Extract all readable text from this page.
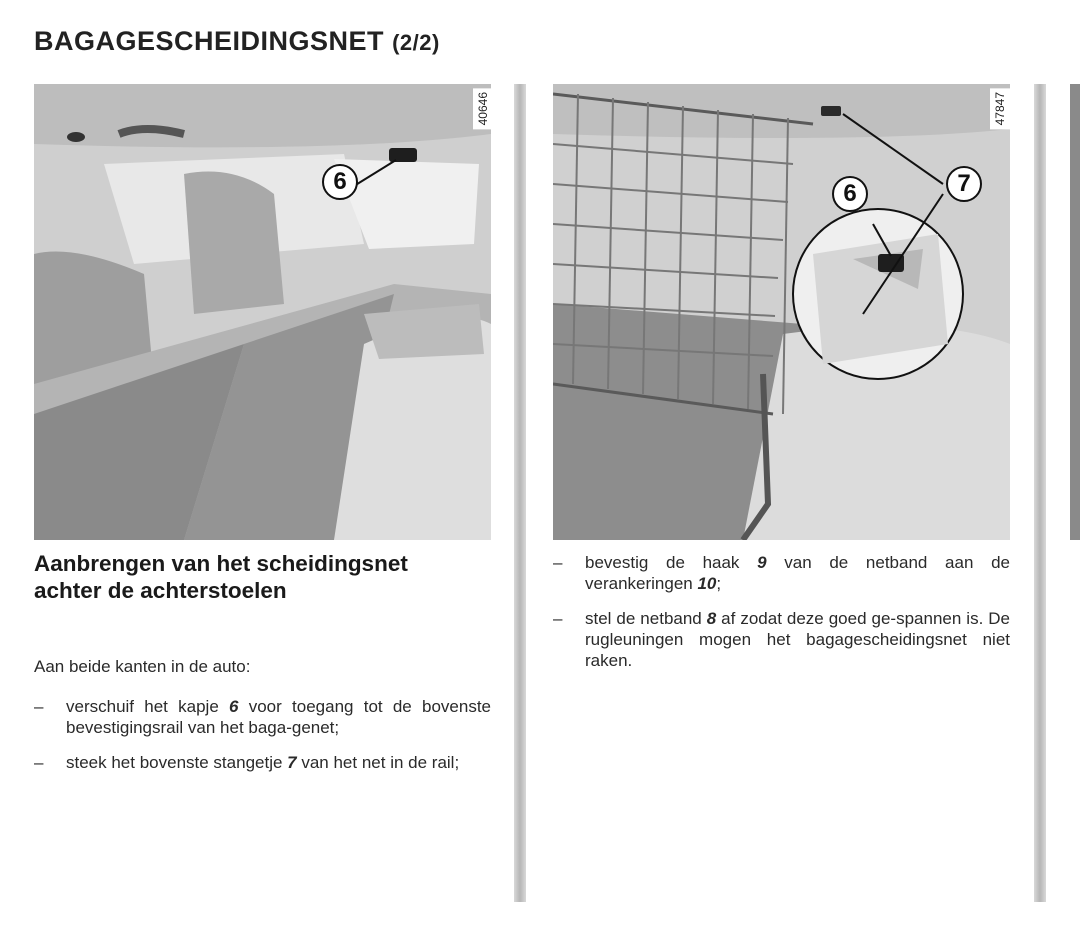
BAGAGESCHEIDINGSNET (2/2)
40646
6
47847
6	7
Aanbrengen van het scheidingsnet achter de achterstoelen
Aan beide kanten in de auto:
– verschuif het kapje 6 voor toegang tot de bovenste bevestigingsrail van het baga-genet;
– steek het bovenste stangetje 7 van het net in de rail;
– bevestig de haak 9 van de netband aan de verankeringen 10;
– stel de netband 8 af zodat deze goed ge-spannen is. De rugleuningen mogen het bagagescheidingsnet niet raken.
